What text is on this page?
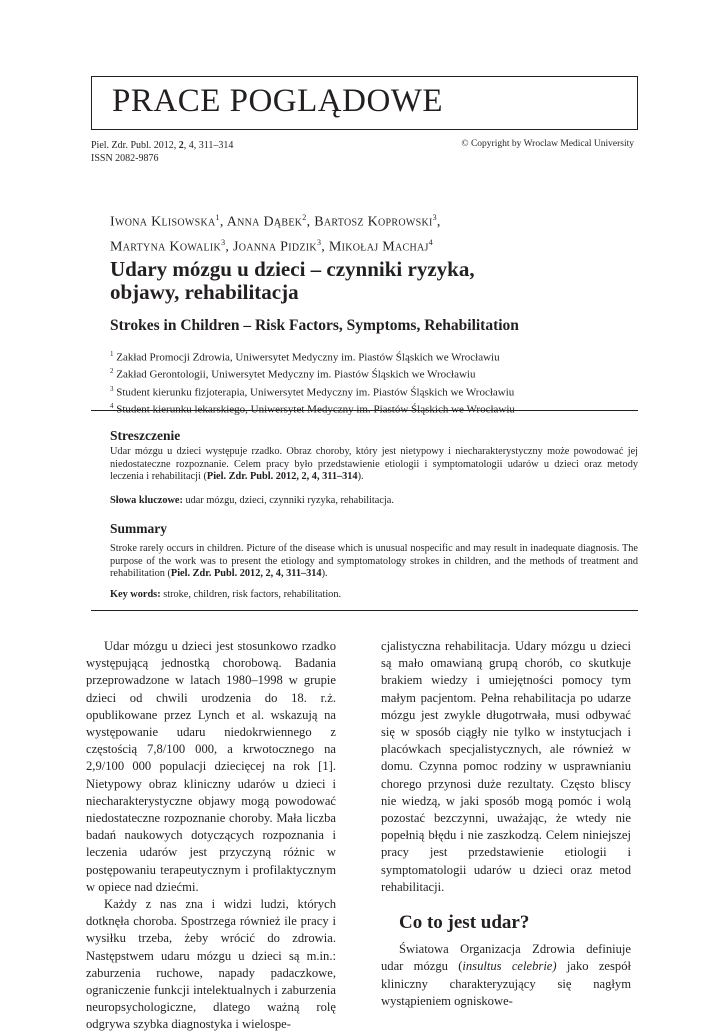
PRACE POGLĄDOWE
Piel. Zdr. Publ. 2012, 2, 4, 311–314
ISSN 2082-9876
© Copyright by Wroclaw Medical University
Iwona Klisowska$^1$, Anna Dąbek$^2$, Bartosz Koprowski$^3$,
Martyna Kowalik$^3$, Joanna Pidzik$^3$, Mikołaj Machaj$^4$
Udary mózgu u dzieci – czynniki ryzyka,
objawy, rehabilitacja
Strokes in Children – Risk Factors, Symptoms, Rehabilitation
$^1$ Zakład Promocji Zdrowia, Uniwersytet Medyczny im. Piastów Śląskich we Wrocławiu
$^2$ Zakład Gerontologii, Uniwersytet Medyczny im. Piastów Śląskich we Wrocławiu
$^3$ Student kierunku fizjoterapia, Uniwersytet Medyczny im. Piastów Śląskich we Wrocławiu
$^4$ Student kierunku lekarskiego, Uniwersytet Medyczny im. Piastów Śląskich we Wrocławiu
Streszczenie
Udar mózgu u dzieci występuje rzadko. Obraz choroby, który jest nietypowy i niecharakterystyczny może powodować jej niedostateczne rozpoznanie. Celem pracy było przedstawienie etiologii i symptomatologii udarów u dzieci oraz metody leczenia i rehabilitacji (Piel. Zdr. Publ. 2012, 2, 4, 311–314).
Słowa kluczowe: udar mózgu, dzieci, czynniki ryzyka, rehabilitacja.
Summary
Stroke rarely occurs in children. Picture of the disease which is unusual nospecific and may result in inadequate diagnosis. The purpose of the work was to present the etiology and symptomatology strokes in children, and the methods of treatment and rehabilitation (Piel. Zdr. Publ. 2012, 2, 4, 311–314).
Key words: stroke, children, risk factors, rehabilitation.

Udar mózgu u dzieci jest stosunkowo rzadko występującą jednostką chorobową. Badania przeprowadzone w latach 1980–1998 w grupie dzieci od chwili urodzenia do 18. r.ż. opublikowane przez Lynch et al. wskazują na występowanie udaru niedokrwiennego z częstością 7,8/100 000, a krwotocznego na 2,9/100 000 populacji dziecięcej na rok [1]. Nietypowy obraz kliniczny udarów u dzieci i niecharakterystyczne objawy mogą powodować niedostateczne rozpoznanie choroby. Mała liczba badań naukowych dotyczących rozpoznania i leczenia udarów jest przyczyną różnic w postępowaniu terapeutycznym i profilaktycznym w opiece nad dziećmi.

Każdy z nas zna i widzi ludzi, których dotknęła choroba. Spostrzega również ile pracy i wysiłku trzeba, żeby wrócić do zdrowia. Następstwem udaru mózgu u dzieci są m.in.: zaburzenia ruchowe, napady padaczkowe, ograniczenie funkcji intelektualnych i zaburzenia neuropsychologiczne, dlatego ważną rolę odgrywa szybka diagnostyka i wielospe-

cjalistyczna rehabilitacja. Udary mózgu u dzieci są mało omawianą grupą chorób, co skutkuje brakiem wiedzy i umiejętności pomocy tym małym pacjentom. Pełna rehabilitacja po udarze mózgu jest zwykle długotrwała, musi odbywać się w sposób ciągły nie tylko w instytucjach i placówkach specjalistycznych, ale również w domu. Czynna pomoc rodziny w usprawnianiu chorego przynosi duże rezultaty. Często bliscy nie wiedzą, w jaki sposób mogą pomóc i wolą pozostać bezczynni, uważając, że wtedy nie popełnią błędu i nie zaszkodzą. Celem niniejszej pracy jest przedstawienie etiologii i symptomatologii udarów u dzieci oraz metod rehabilitacji.

Co to jest udar?

Światowa Organizacja Zdrowia definiuje udar mózgu (insultus celebrie) jako zespół kliniczny charakteryzujący się nagłym wystąpieniem ogniskowe-
